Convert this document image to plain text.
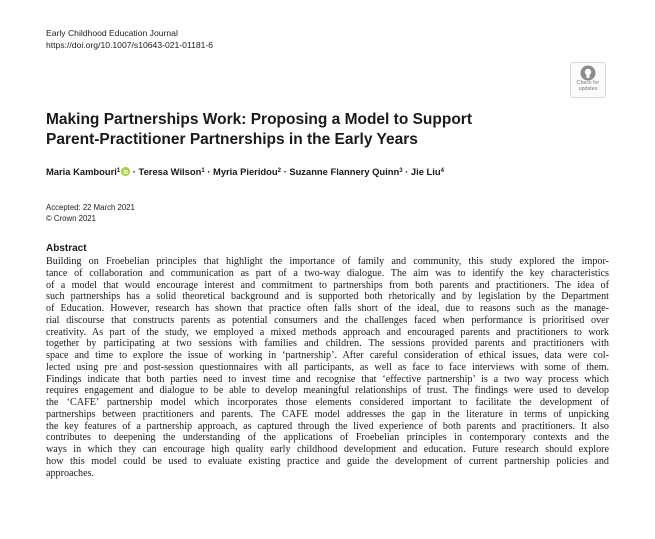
Early Childhood Education Journal
https://doi.org/10.1007/s10643-021-01181-6
Check for
updates
Making Partnerships Work: Proposing a Model to Support
Parent-Practitioner Partnerships in the Early Years
Maria Kambouri$^1$ · Teresa Wilson$^1$ · Myria Pieridou$^2$ · Suzanne Flannery Quinn$^3$ · Jie Liu$^4$
Accepted: 22 March 2021
© Crown 2021
Abstract
Building on Froebelian principles that highlight the importance of family and community, this study explored the impor-
tance of collaboration and communication as part of a two-way dialogue. The aim was to identify the key characteristics
of a model that would encourage interest and commitment to partnerships from both parents and practitioners. The idea of
such partnerships has a solid theoretical background and is supported both rhetorically and by legislation by the Department
of Education. However, research has shown that practice often falls short of the ideal, due to reasons such as the manage-
rial discourse that constructs parents as potential consumers and the challenges faced when performance is prioritised over
creativity. As part of the study, we employed a mixed methods approach and encouraged parents and practitioners to work
together by participating at two sessions with families and children. The sessions provided parents and practitioners with
space and time to explore the issue of working in ‘partnership’. After careful consideration of ethical issues, data were col-
lected using pre and post-session questionnaires with all participants, as well as face to face interviews with some of them.
Findings indicate that both parties need to invest time and recognise that ‘effective partnership’ is a two way process which
requires engagement and dialogue to be able to develop meaningful relationships of trust. The findings were used to develop
the ‘CAFE’ partnership model which incorporates those elements considered important to facilitate the development of
partnerships between practitioners and parents. The CAFE model addresses the gap in the literature in terms of unpicking
the key features of a partnership approach, as captured through the lived experience of both parents and practitioners. It also
contributes to deepening the understanding of the applications of Froebelian principles in contemporary contexts and the
ways in which they can encourage high quality early childhood development and education. Future research should explore
how this model could be used to evaluate existing practice and guide the development of current partnership policies and
approaches.
